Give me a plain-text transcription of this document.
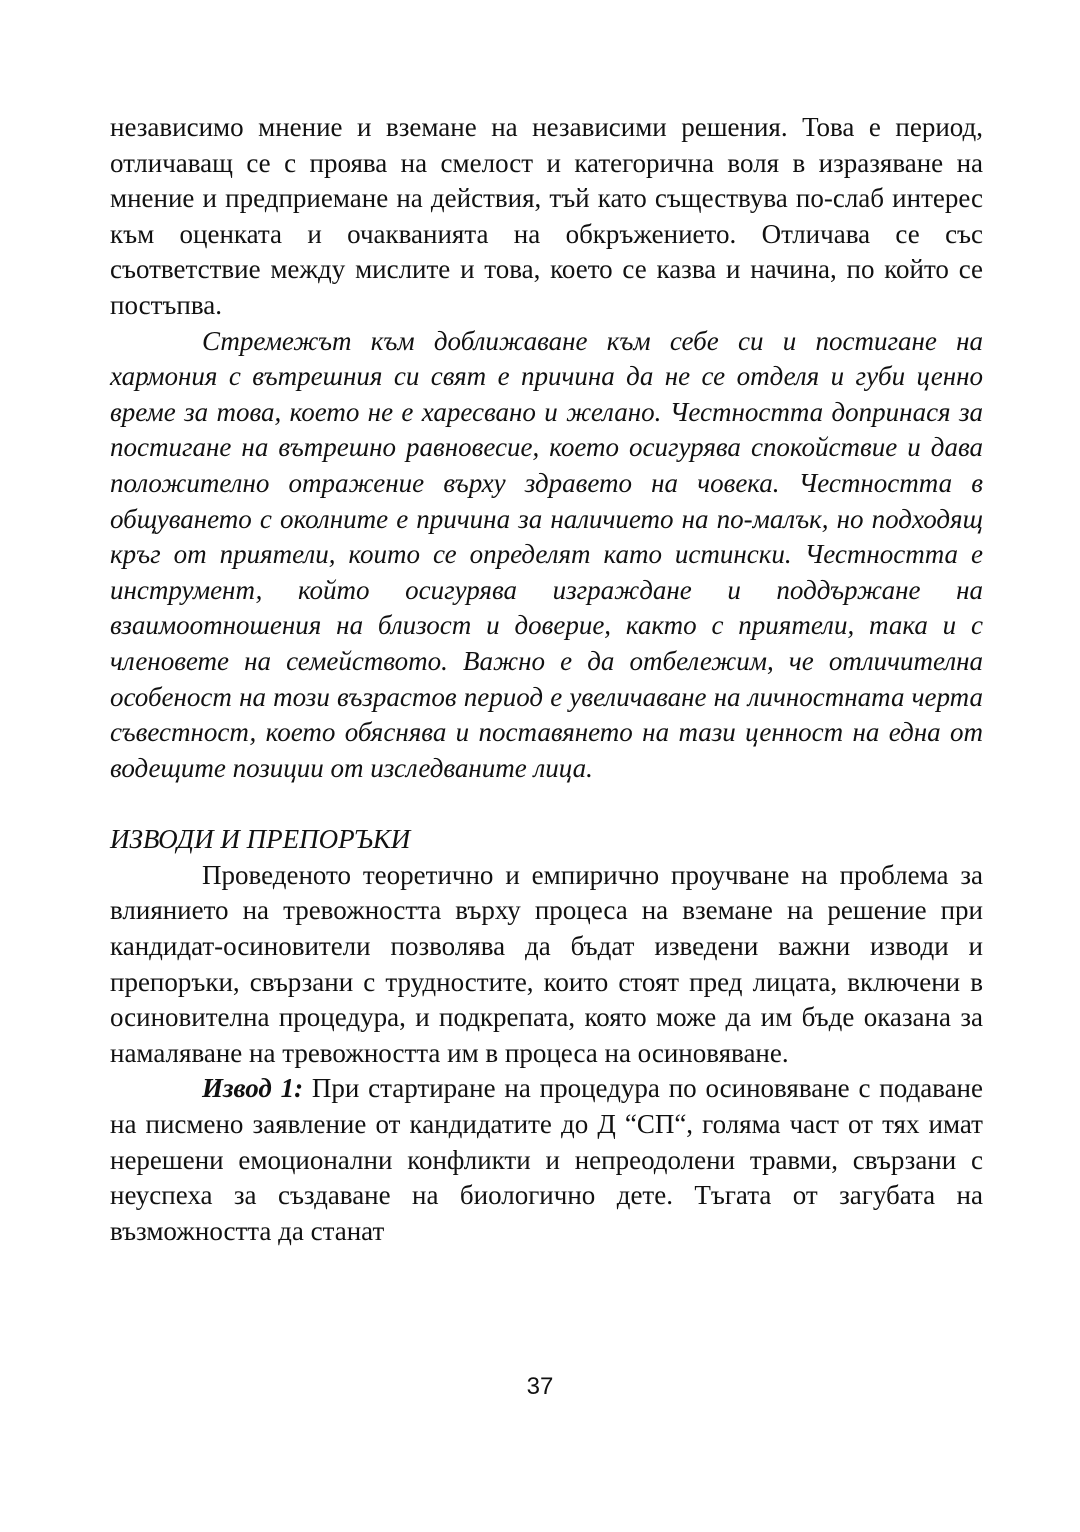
независимо мнение и вземане на независими решения. Това е период, отличаващ се с проява на смелост и категорична воля в изразяване на мнение и предприемане на действия, тъй като съществува по-слаб интерес към оценката и очакванията на обкръжението. Отличава се със съответствие между мислите и това, което се казва и начина, по който се постъпва.

Стремежът към доближаване към себе си и постигане на хармония с вътрешния си свят е причина да не се отделя и губи ценно време за това, което не е харесвано и желано. Честността допринася за постигане на вътрешно равновесие, което осигурява спокойствие и дава положително отражение върху здравето на човека. Честността в общуването с околните е причина за наличието на по-малък, но подходящ кръг от приятели, които се определят като истински. Честността е инструмент, който осигурява изграждане и поддържане на взаимоотношения на близост и доверие, както с приятели, така и с членовете на семейството. Важно е да отбележим, че отличителна особеност на този възрастов период е увеличаване на личностната черта съвестност, което обяснява и поставянето на тази ценност на една от водещите позиции от изследваните лица.

ИЗВОДИ И ПРЕПОРЪКИ

Проведеното теоретично и емпирично проучване на проблема за влиянието на тревожността върху процеса на вземане на решение при кандидат-осиновители позволява да бъдат изведени важни изводи и препоръки, свързани с трудностите, които стоят пред лицата, включени в осиновителна процедура, и подкрепата, която може да им бъде оказана за намаляване на тревожността им в процеса на осиновяване.

Извод 1: При стартиране на процедура по осиновяване с подаване на писмено заявление от кандидатите до Д “СП“, голяма част от тях имат нерешени емоционални конфликти и непреодолени травми, свързани с неуспеха за създаване на биологично дете. Тъгата от загубата на възможността да станат

37
